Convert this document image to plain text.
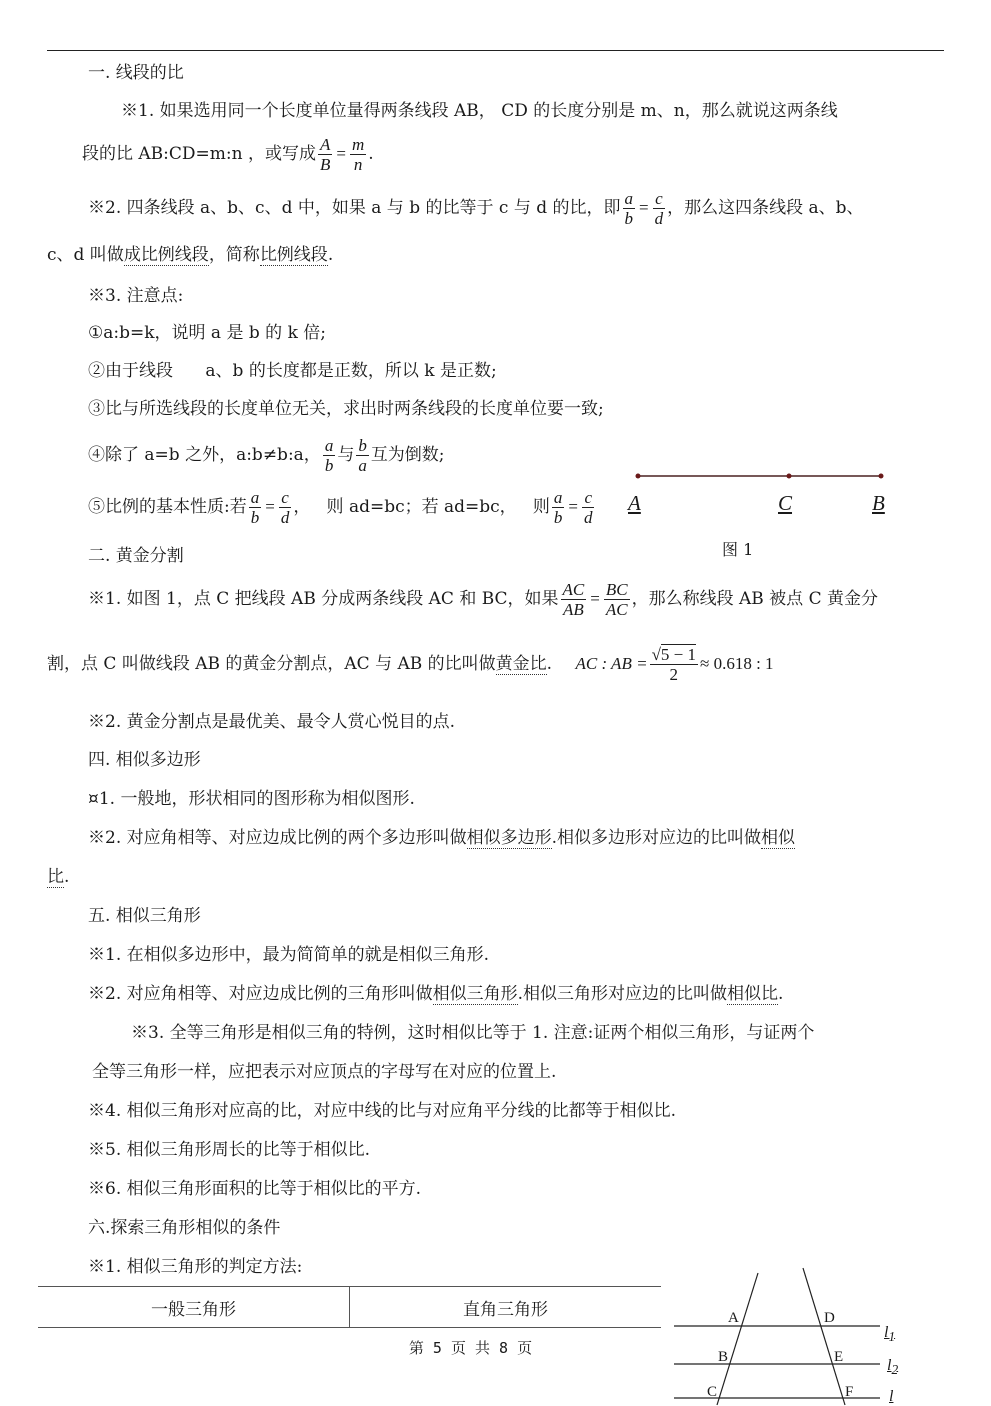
一. 线段的比
※1. 如果选用同一个长度单位量得两条线段 AB， CD 的长度分别是 m、n，那么就说这两条线
段的比 AB:CD=m:n ，或写成 $\frac{A}{B} = \frac{m}{n}$ .
※2. 四条线段 a、b、c、d 中，如果 a 与 b 的比等于 c 与 d 的比，即 $\frac{a}{b} = \frac{c}{d}$ ，那么这四条线段 a、b、
c、d 叫做成比例线段，简称比例线段.
※3. 注意点:
①a:b=k，说明 a 是 b 的 k 倍;
②由于线段      a、b 的长度都是正数，所以 k 是正数;
③比与所选线段的长度单位无关，求出时两条线段的长度单位要一致;
④除了 a=b 之外，a:b≠b:a， $\frac{a}{b}$ 与 $\frac{b}{a}$ 互为倒数;
⑤比例的基本性质:若 $\frac{a}{b} = \frac{c}{d}$ ，   则 ad=bc；若 ad=bc，   则 $\frac{a}{b} = \frac{c}{d}$ A	C	B
图 1
二. 黄金分割
※1. 如图 1，点 C 把线段 AB 分成两条线段 AC 和 BC，如果 $\frac{AC}{AB} = \frac{BC}{AC}$ ，那么称线段 AB 被点 C 黄金分
割，点 C 叫做线段 AB 的黄金分割点，AC 与 AB 的比叫做黄金比. AC : AB = $\frac{√5 - 1}{2} \approx 0.618$ : 1
※2. 黄金分割点是最优美、最令人赏心悦目的点.
四. 相似多边形
¤1. 一般地，形状相同的图形称为相似图形.
※2. 对应角相等、对应边成比例的两个多边形叫做相似多边形.相似多边形对应边的比叫做相似
比.
五. 相似三角形
※1. 在相似多边形中，最为简简单的就是相似三角形.
※2. 对应角相等、对应边成比例的三角形叫做相似三角形.相似三角形对应边的比叫做相似比.
※3. 全等三角形是相似三角的特例，这时相似比等于 1. 注意:证两个相似三角形，与证两个
全等三角形一样，应把表示对应顶点的字母写在对应的位置上.
※4. 相似三角形对应高的比，对应中线的比与对应角平分线的比都等于相似比.
※5. 相似三角形周长的比等于相似比.
※6. 相似三角形面积的比等于相似比的平方.
六.探索三角形相似的条件
※1. 相似三角形的判定方法:
一般三角形	直角三角形
第 5 页 共 8 页
A
B
C
D
E
F
$l_1$
$l_2$
l
